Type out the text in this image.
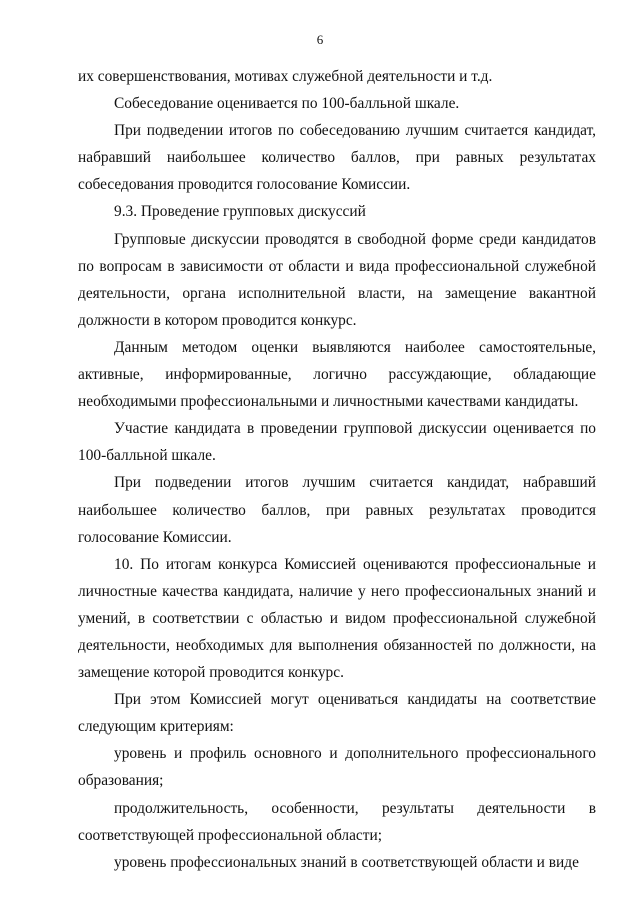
6

их совершенствования, мотивах служебной деятельности и т.д.

Собеседование оценивается по 100-балльной шкале.

При подведении итогов по собеседованию лучшим считается кандидат, набравший наибольшее количество баллов, при равных результатах собеседования проводится голосование Комиссии.

9.3. Проведение групповых дискуссий

Групповые дискуссии проводятся в свободной форме среди кандидатов по вопросам в зависимости от области и вида профессиональной служебной деятельности, органа исполнительной власти, на замещение вакантной должности в котором проводится конкурс.

Данным методом оценки выявляются наиболее самостоятельные, активные, информированные, логично рассуждающие, обладающие необходимыми профессиональными и личностными качествами кандидаты.

Участие кандидата в проведении групповой дискуссии оценивается по 100-балльной шкале.

При подведении итогов лучшим считается кандидат, набравший наибольшее количество баллов, при равных результатах проводится голосование Комиссии.

10. По итогам конкурса Комиссией оцениваются профессиональные и личностные качества кандидата, наличие у него профессиональных знаний и умений, в соответствии с областью и видом профессиональной служебной деятельности, необходимых для выполнения обязанностей по должности, на замещение которой проводится конкурс.

При этом Комиссией могут оцениваться кандидаты на соответствие следующим критериям:

уровень и профиль основного и дополнительного профессионального образования;

продолжительность, особенности, результаты деятельности в соответствующей профессиональной области;

уровень профессиональных знаний в соответствующей области и виде
